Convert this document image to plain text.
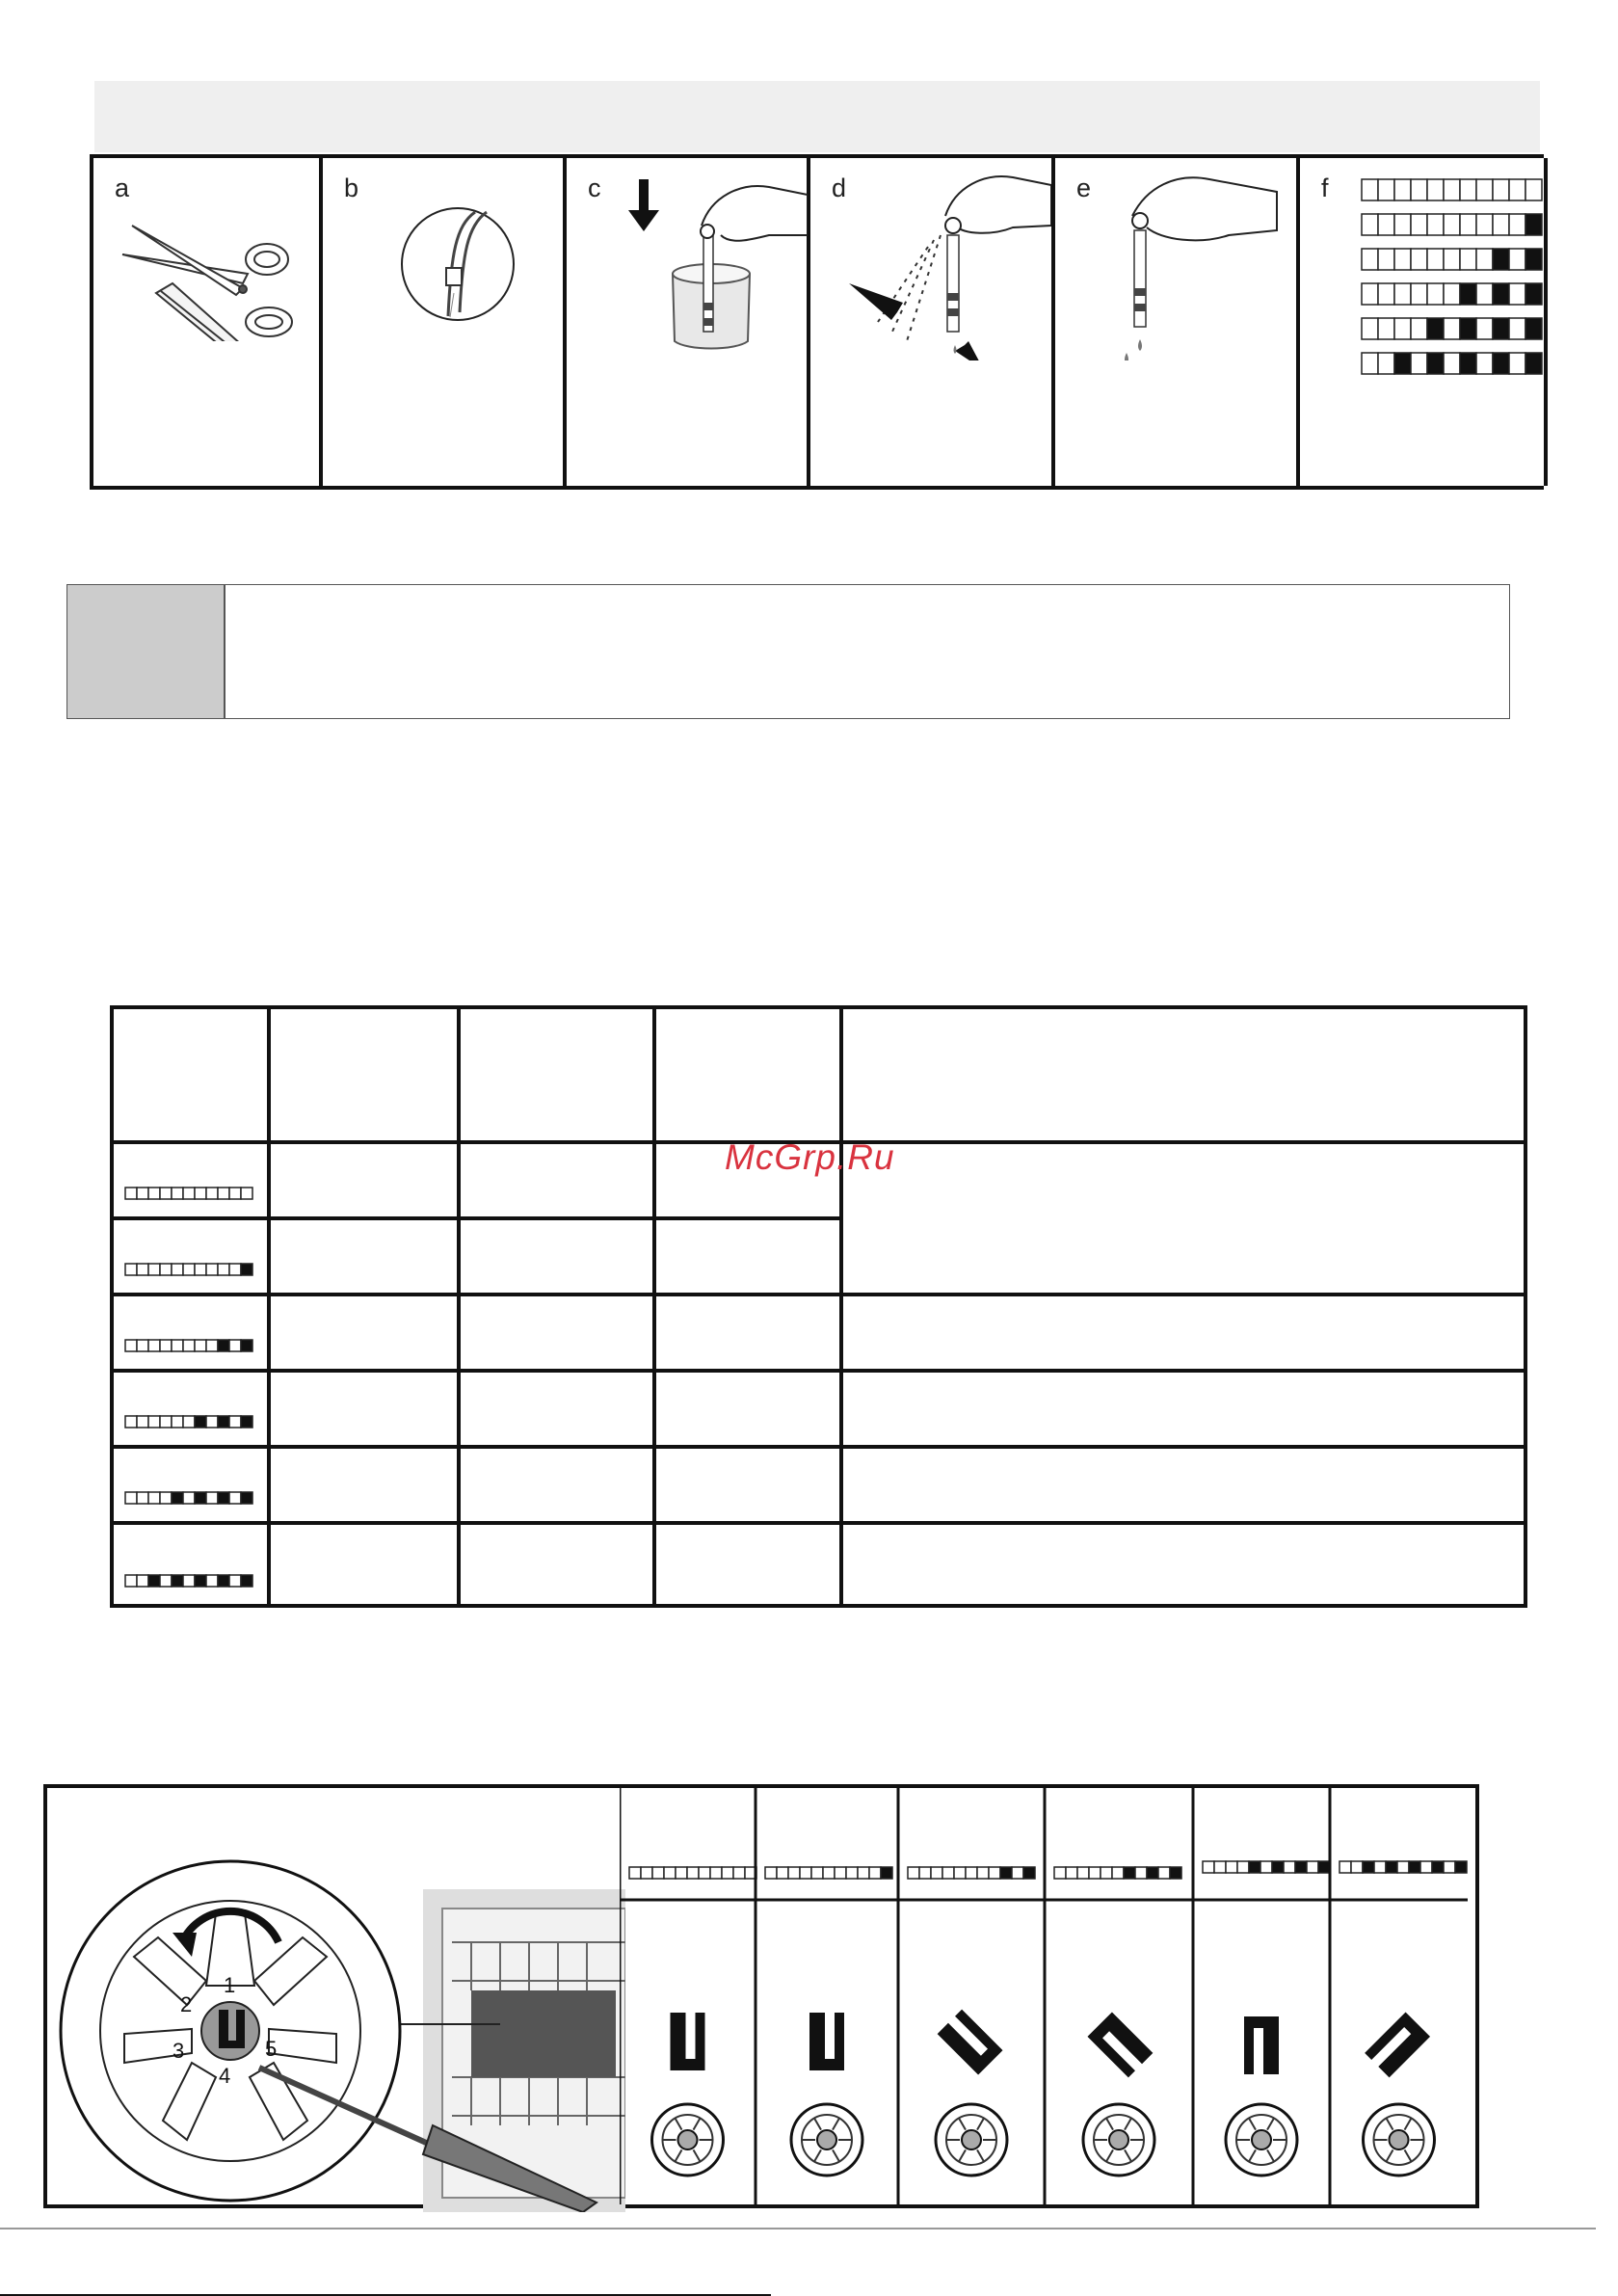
a	b	c	d	e	f
McGrp.Ru
1
2
3
4
5
